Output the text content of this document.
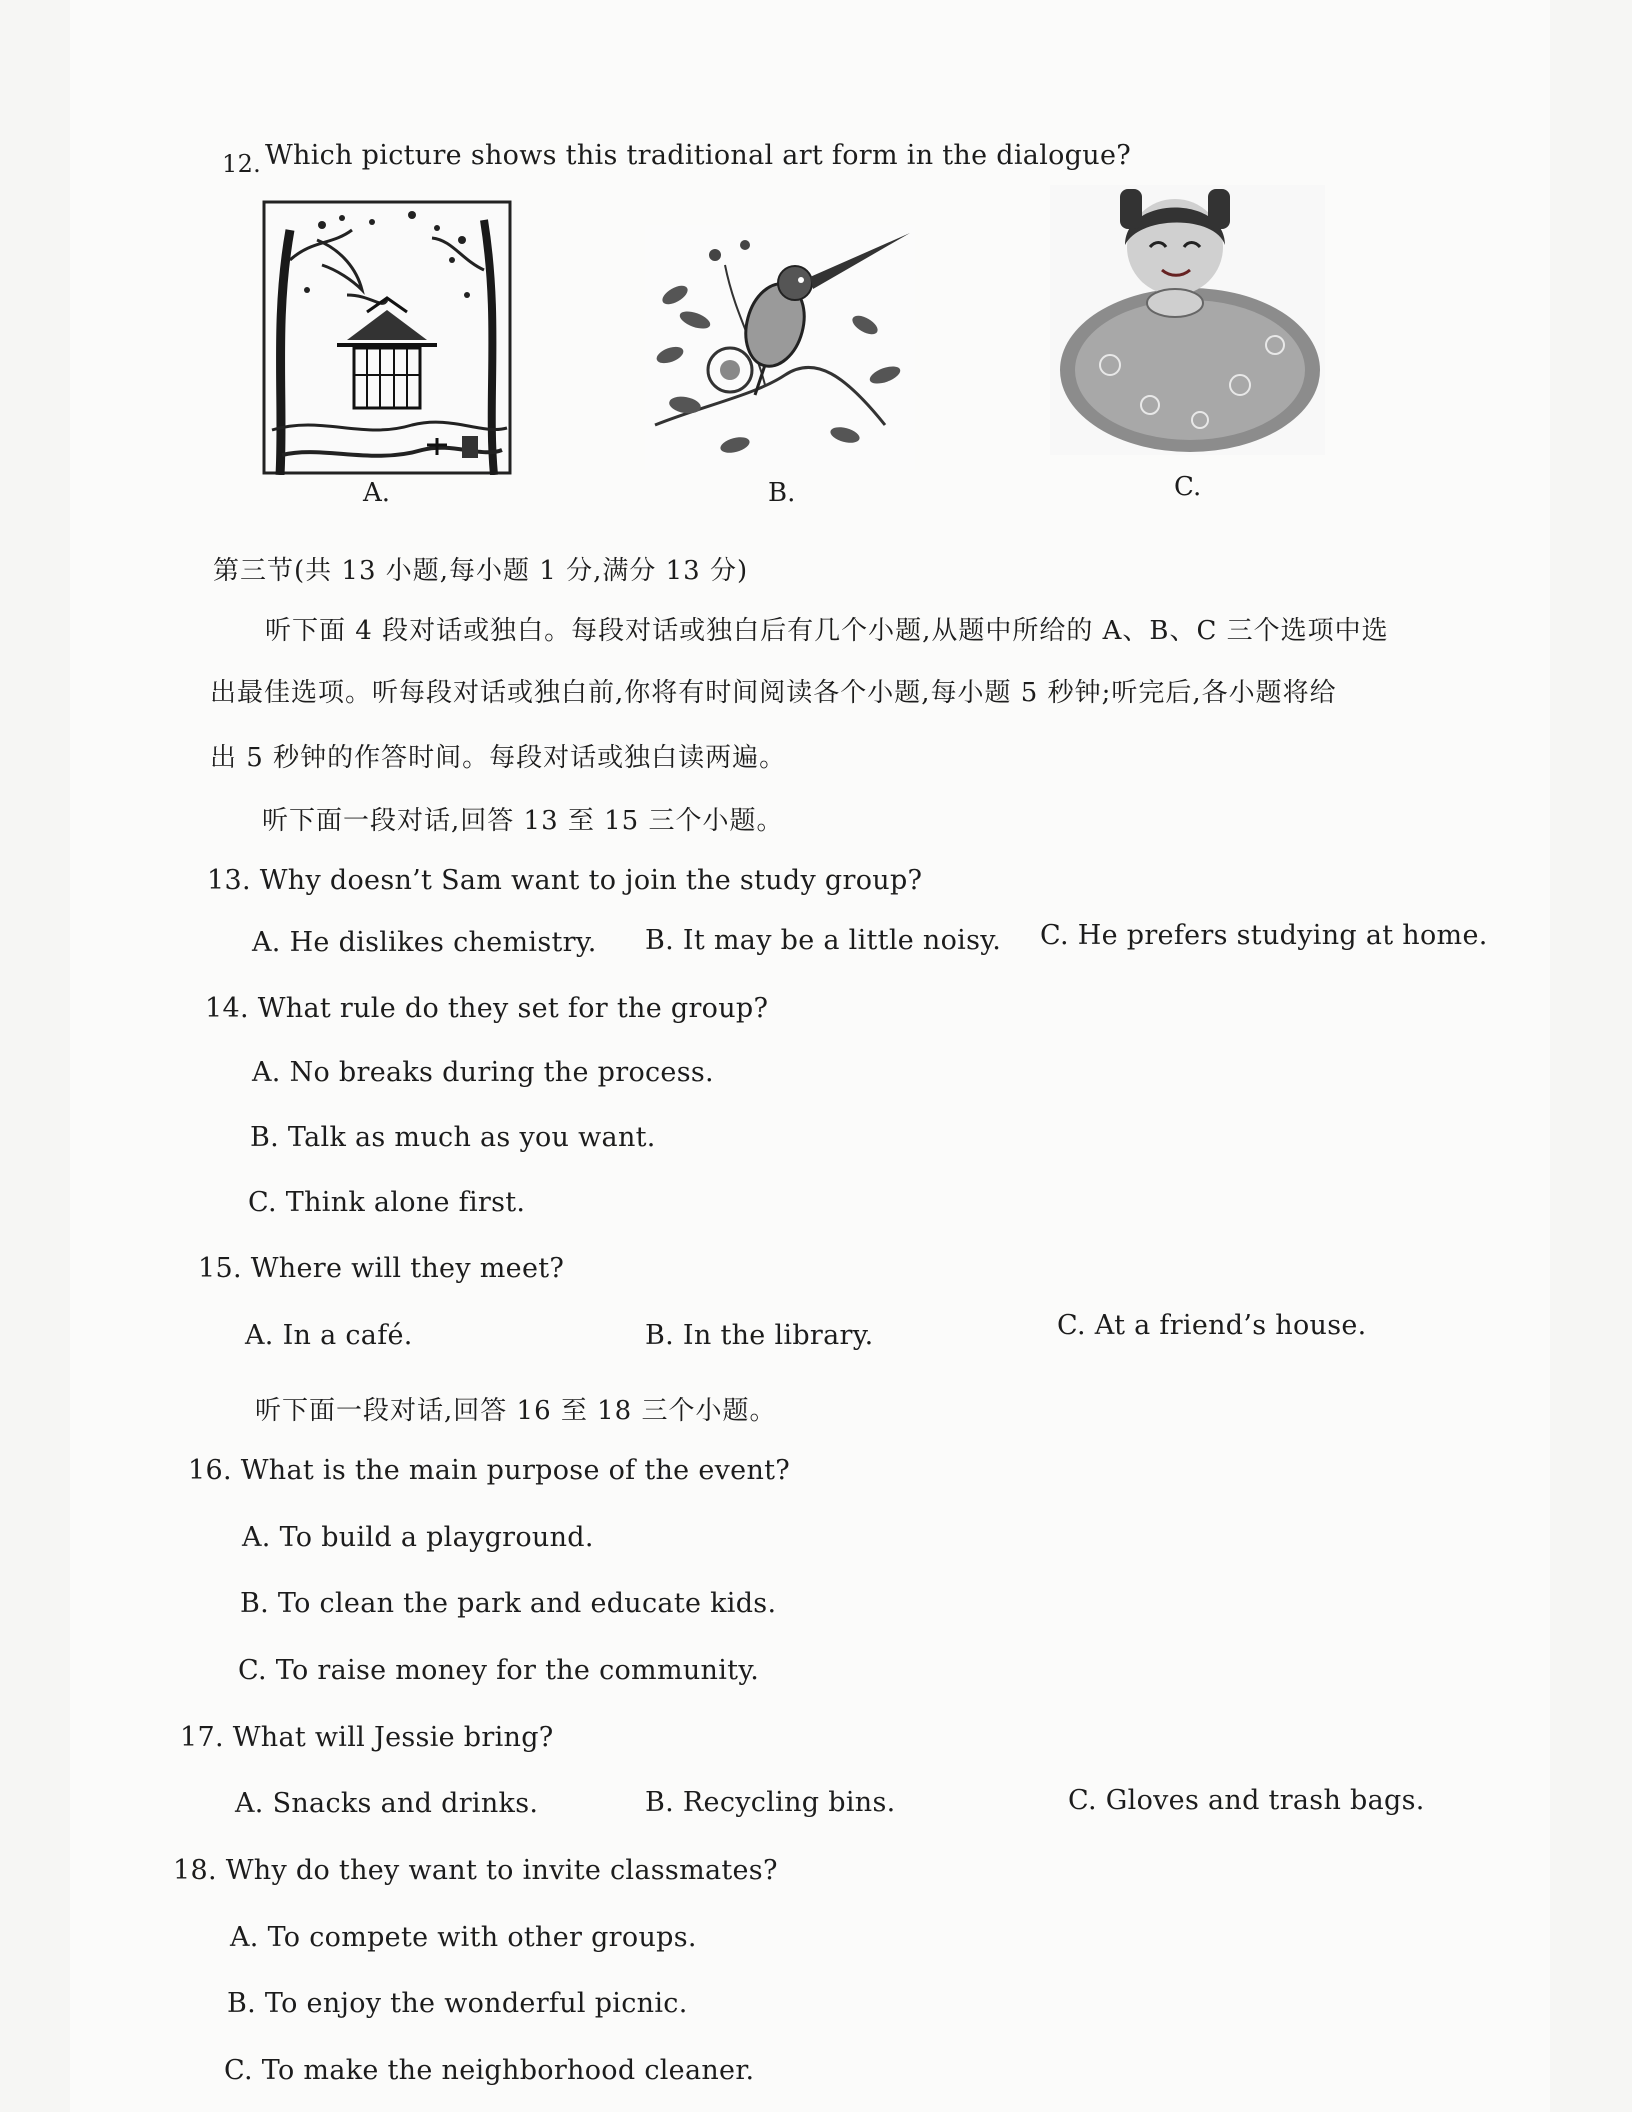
12. Which picture shows this traditional art form in the dialogue?
A.	B.	C.
第三节(共 13 小题,每小题 1 分,满分 13 分)
听下面 4 段对话或独白。每段对话或独白后有几个小题,从题中所给的 A、B、C 三个选项中选
出最佳选项。听每段对话或独白前,你将有时间阅读各个小题,每小题 5 秒钟;听完后,各小题将给
出 5 秒钟的作答时间。每段对话或独白读两遍。
听下面一段对话,回答 13 至 15 三个小题。
13. Why doesn’t Sam want to join the study group?
A. He dislikes chemistry. B. It may be a little noisy. C. He prefers studying at home.
14. What rule do they set for the group?
A. No breaks during the process.
B. Talk as much as you want.
C. Think alone first.
15. Where will they meet?
A. In a café.	B. In the library.	C. At a friend’s house.
听下面一段对话,回答 16 至 18 三个小题。
16. What is the main purpose of the event?
A. To build a playground.
B. To clean the park and educate kids.
C. To raise money for the community.
17. What will Jessie bring?
A. Snacks and drinks.	B. Recycling bins.	C. Gloves and trash bags.
18. Why do they want to invite classmates?
A. To compete with other groups.
B. To enjoy the wonderful picnic.
C. To make the neighborhood cleaner.
